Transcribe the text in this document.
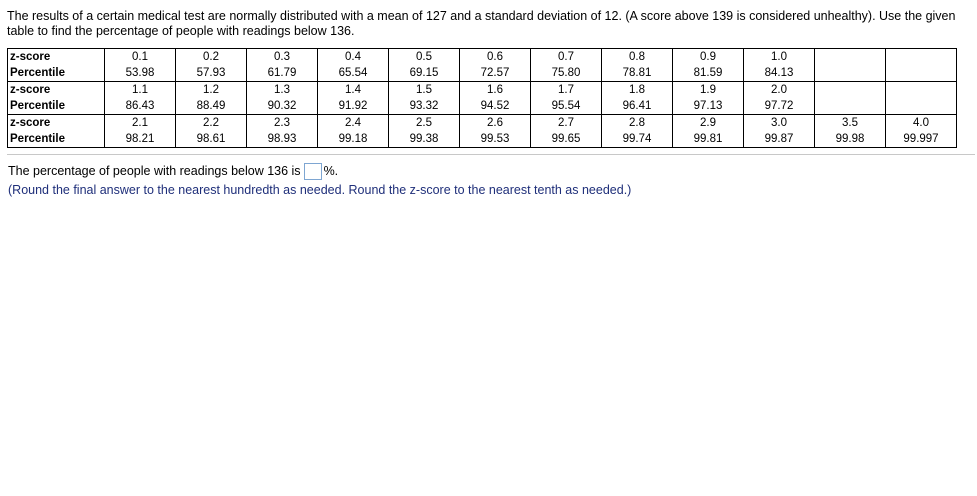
The results of a certain medical test are normally distributed with a mean of 127 and a standard deviation of 12. (A score above 139 is considered unhealthy). Use the given table to find the percentage of people with readings below 136.
z-score	0.1	0.2	0.3	0.4	0.5	0.6	0.7	0.8	0.9	1.0		
Percentile	53.98	57.93	61.79	65.54	69.15	72.57	75.80	78.81	81.59	84.13		
z-score	1.1	1.2	1.3	1.4	1.5	1.6	1.7	1.8	1.9	2.0		
Percentile	86.43	88.49	90.32	91.92	93.32	94.52	95.54	96.41	97.13	97.72		
z-score	2.1	2.2	2.3	2.4	2.5	2.6	2.7	2.8	2.9	3.0	3.5	4.0
Percentile	98.21	98.61	98.93	99.18	99.38	99.53	99.65	99.74	99.81	99.87	99.98	99.997
The percentage of people with readings below 136 is %.
(Round the final answer to the nearest hundredth as needed. Round the z-score to the nearest tenth as needed.)
